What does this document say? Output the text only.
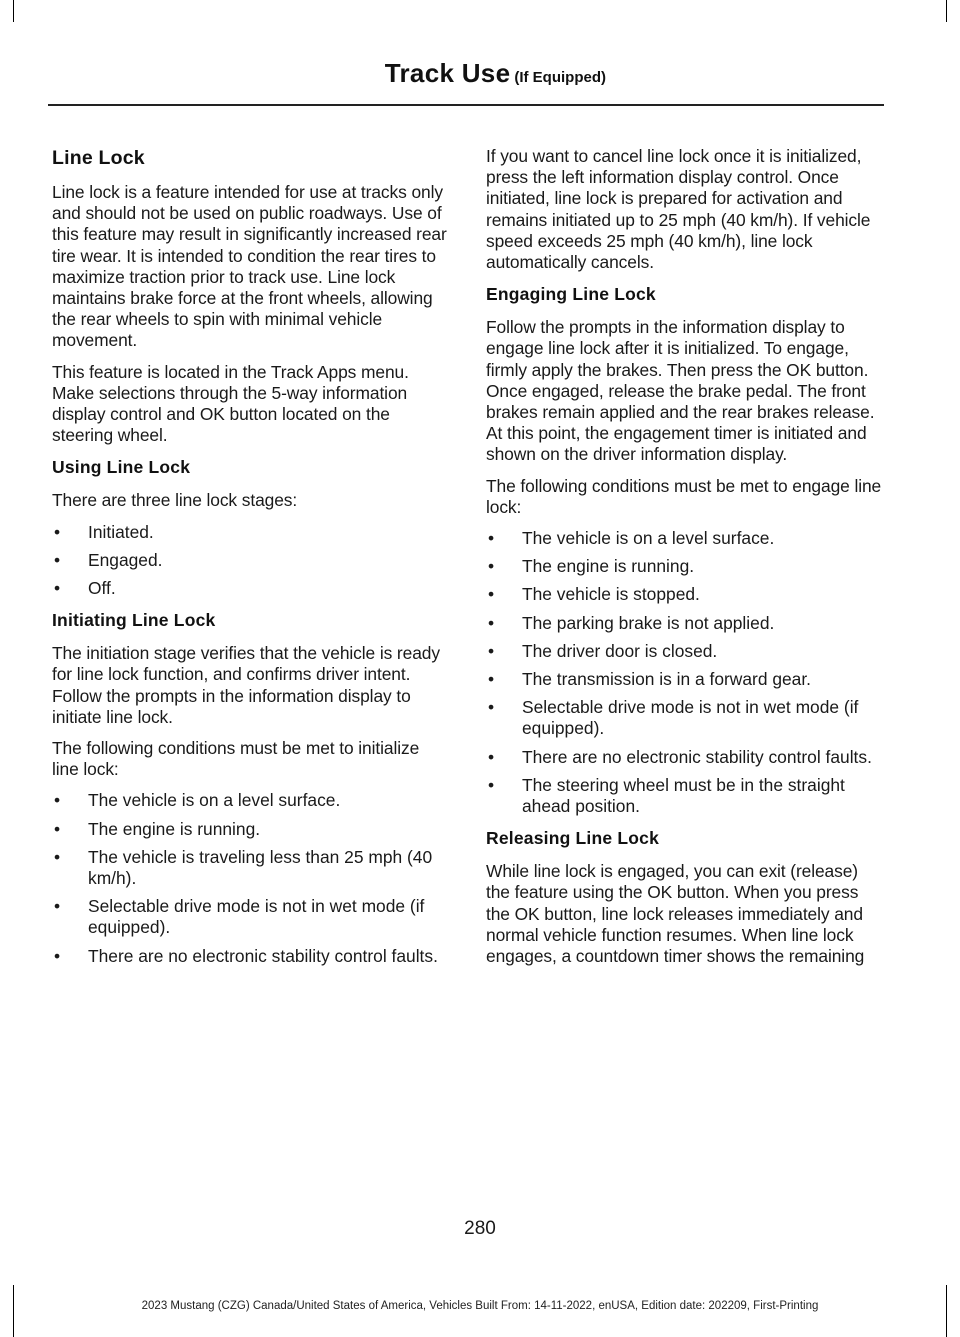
Track Use (If Equipped)
Line Lock

Line lock is a feature intended for use at tracks only and should not be used on public roadways. Use of this feature may result in significantly increased rear tire wear. It is intended to condition the rear tires to maximize traction prior to track use. Line lock maintains brake force at the front wheels, allowing the rear wheels to spin with minimal vehicle movement.

This feature is located in the Track Apps menu. Make selections through the 5-way information display control and OK button located on the steering wheel.

Using Line Lock

There are three line lock stages:

• Initiated.
• Engaged.
• Off.
Initiating Line Lock

The initiation stage verifies that the vehicle is ready for line lock function, and confirms driver intent. Follow the prompts in the information display to initiate line lock.

The following conditions must be met to initialize line lock:

• The vehicle is on a level surface.
• The engine is running.
• The vehicle is traveling less than 25 mph (40 km/h).
• Selectable drive mode is not in wet mode (if equipped).
• There are no electronic stability control faults.

If you want to cancel line lock once it is initialized, press the left information display control. Once initiated, line lock is prepared for activation and remains initiated up to 25 mph (40 km/h). If vehicle speed exceeds 25 mph (40 km/h), line lock automatically cancels.

Engaging Line Lock

Follow the prompts in the information display to engage line lock after it is initialized. To engage, firmly apply the brakes. Then press the OK button. Once engaged, release the brake pedal. The front brakes remain applied and the rear brakes release. At this point, the engagement timer is initiated and shown on the driver information display.

The following conditions must be met to engage line lock:

• The vehicle is on a level surface.
• The engine is running.
• The vehicle is stopped.
• The parking brake is not applied.
• The driver door is closed.
• The transmission is in a forward gear.
• Selectable drive mode is not in wet mode (if equipped).
• There are no electronic stability control faults.
• The steering wheel must be in the straight ahead position.
Releasing Line Lock

While line lock is engaged, you can exit (release) the feature using the OK button. When you press the OK button, line lock releases immediately and normal vehicle function resumes. When line lock engages, a countdown timer shows the remaining

280
2023 Mustang (CZG) Canada/United States of America, Vehicles Built From: 14-11-2022, enUSA, Edition date: 202209, First-Printing
